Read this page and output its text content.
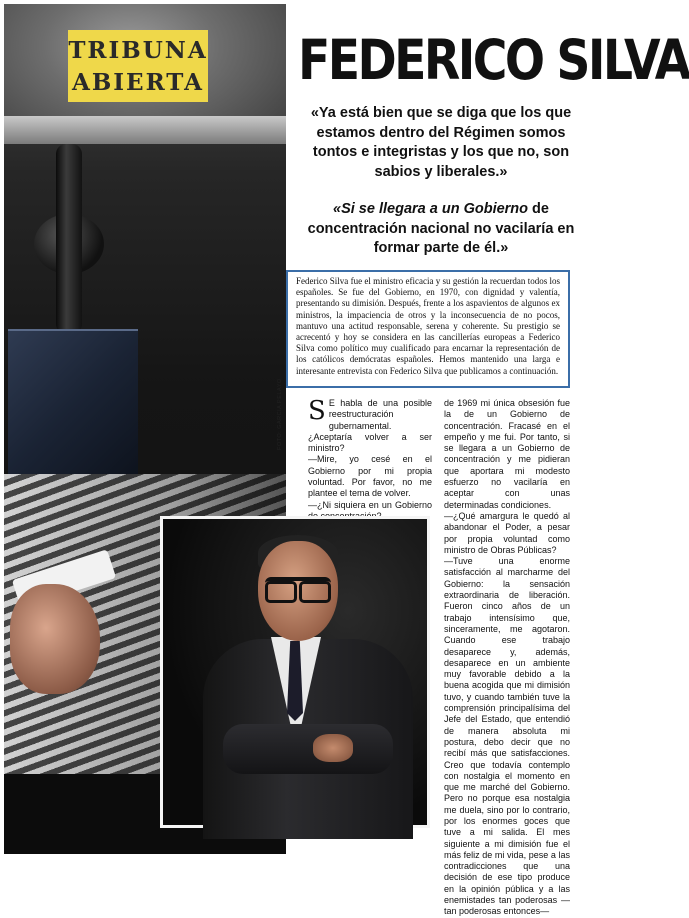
TRIBUNA
ABIERTA FEDERICO SILVA

«Ya está bien que se diga que los que estamos dentro del Régimen somos tontos e integristas y los que no, son sabios y liberales.»

«Si se llegara a un Gobierno de concentración nacional no vacilaría en formar parte de él.»

Federico Silva fue el ministro eficacia y su gestión la recuerdan todos los españoles. Se fue del Gobierno, en 1970, con dignidad y valentía, presentando su dimisión. Después, frente a los aspavientos de algunos ex ministros, la impaciencia de otros y la inconsecuencia de no pocos, mantuvo una actitud responsable, serena y coherente. Su prestigio se acrecentó y hoy se considera en las cancillerías europeas a Federico Silva como político muy cualificado para encarnar la representación de los católicos demócratas españoles. Hemos mantenido una larga e interesante entrevista con Federico Silva que publicamos a continuación.
FOTO: GARCIA PELAYO S E habla de una posible reestructuración gubernamental. ¿Aceptaría volver a ser ministro?

—Mire, yo cesé en el Gobierno por mi propia voluntad. Por favor, no me plantee el tema de volver.

—¿Ni siquiera en un Gobierno

de 1969 mi única obsesión fue la de un Gobierno de concentración. Fracasé en el empeño y me fui. Por tanto, si se llegara a un Gobierno de concentración y me pidieran que aportara mi modesto esfuerzo no vacilaría en aceptar con unas determinadas condiciones.

—¿Qué amargura le quedó al abandonar el Poder, a pesar por propia voluntad como ministro de Obras Públicas?

—Tuve una enorme satisfacción al marcharme del Gobierno: la sensación extraordinaria de liberación. Fueron cinco años de un trabajo intensísimo que, sinceramente, me agotaron. Cuando ese trabajo desaparece y, además, desaparece en un ambiente muy favorable debido a la buena acogida que mi dimisión tuvo, y cuando también tuve la comprensión principalísima del Jefe del Estado, que entendió de manera absoluta mi postura, debo decir que no recibí más que satisfacciones. Creo que todavía contemplo con nostalgia el momento en que me marché del Gobierno. Pero no porque esa nostalgia me duela, sino por lo contrario, por los enormes goces que tuve a mi salida. El mes siguiente a mi dimisión fue el más feliz de mi vida, pese a las contradicciones que una decisión de ese tipo produce en la opinión pública y a las enemistades tan poderosas —tan poderosas entonces—
